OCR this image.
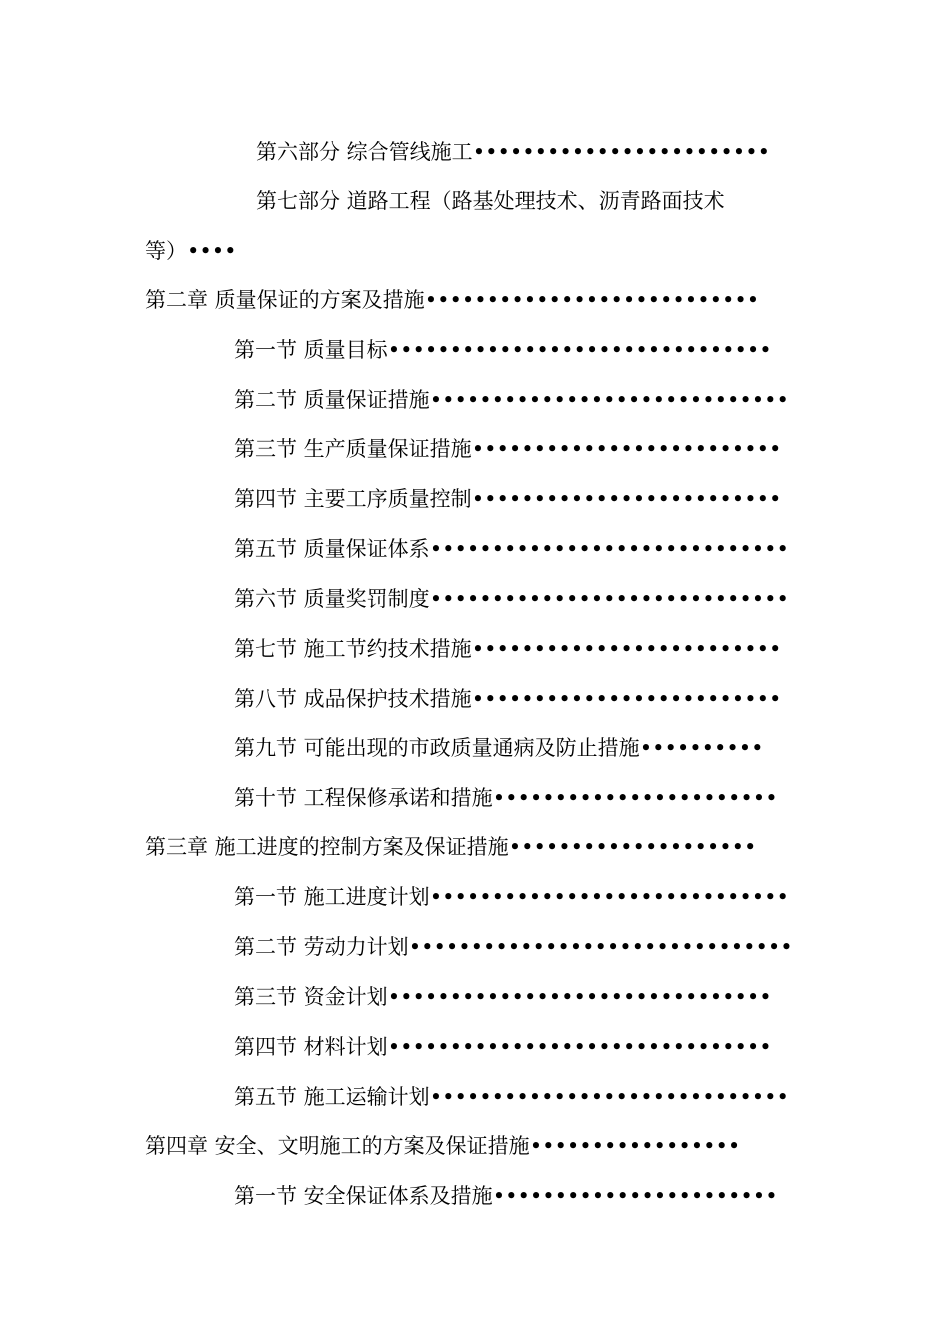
第六部分 综合管线施工••••••••••••••••••••••••
第七部分 道路工程（路基处理技术、沥青路面技术
等）••••
第二章 质量保证的方案及措施•••••••••••••••••••••••••••
第一节 质量目标•••••••••••••••••••••••••••••••
第二节 质量保证措施•••••••••••••••••••••••••••••
第三节 生产质量保证措施•••••••••••••••••••••••••
第四节 主要工序质量控制•••••••••••••••••••••••••
第五节 质量保证体系•••••••••••••••••••••••••••••
第六节 质量奖罚制度•••••••••••••••••••••••••••••
第七节 施工节约技术措施•••••••••••••••••••••••••
第八节 成品保护技术措施•••••••••••••••••••••••••
第九节 可能出现的市政质量通病及防止措施••••••••••
第十节 工程保修承诺和措施•••••••••••••••••••••••
第三章 施工进度的控制方案及保证措施••••••••••••••••••••
第一节 施工进度计划•••••••••••••••••••••••••••••
第二节 劳动力计划•••••••••••••••••••••••••••••••
第三节 资金计划•••••••••••••••••••••••••••••••
第四节 材料计划•••••••••••••••••••••••••••••••
第五节 施工运输计划•••••••••••••••••••••••••••••
第四章 安全、文明施工的方案及保证措施•••••••••••••••••
第一节 安全保证体系及措施•••••••••••••••••••••••
